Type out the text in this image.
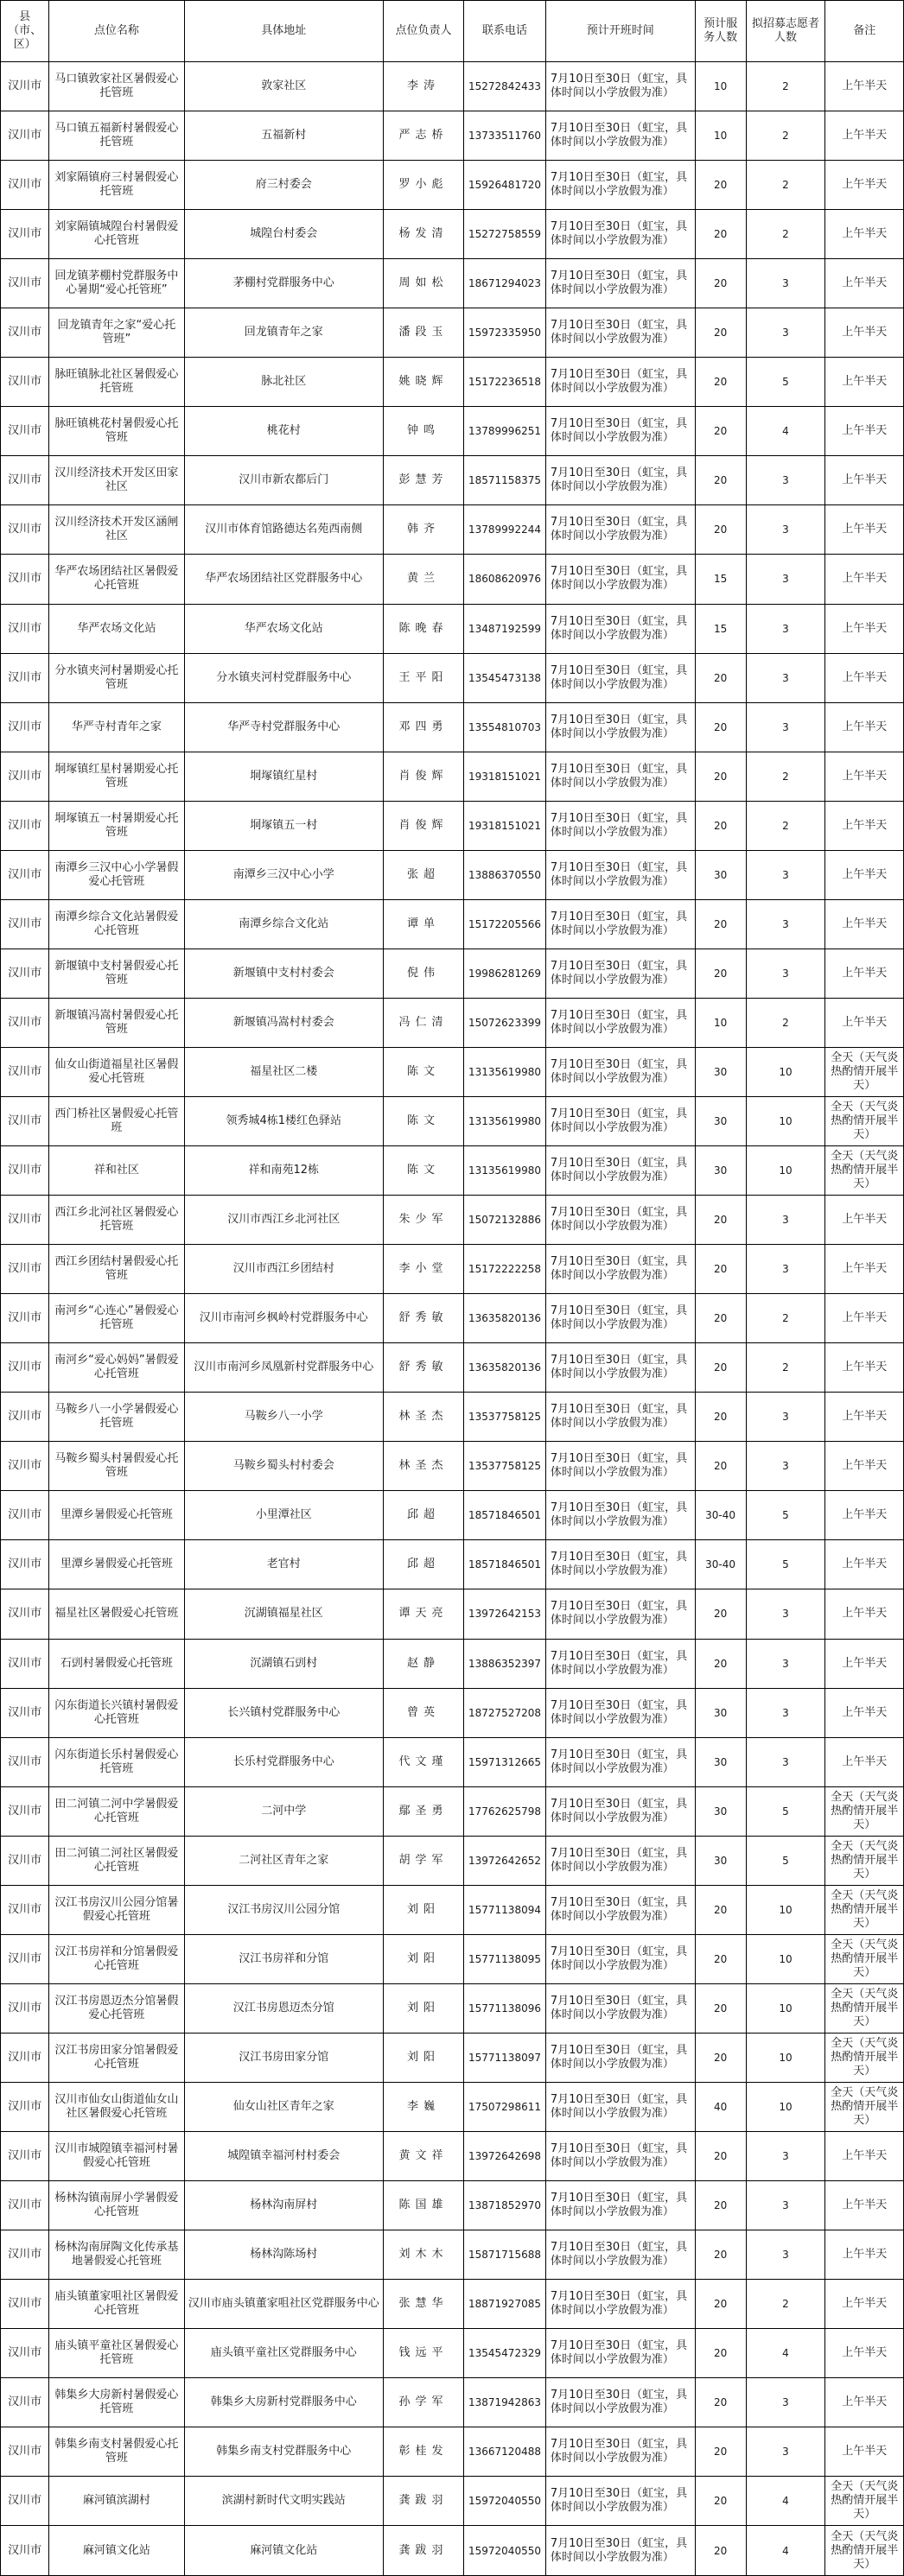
县（市、区）	点位名称	具体地址	点位负责人	联系电话	预计开班时间	预计服务人数	拟招募志愿者人数	备注
汉川市	马口镇敦家社区暑假爱心托管班	敦家社区	李涛	15272842433	7月10日至30日（虹宝，具体时间以小学放假为准）	10	2	上午半天
汉川市	马口镇五福新村暑假爱心托管班	五福新村	严志桥	13733511760	7月10日至30日（虹宝，具体时间以小学放假为准）	10	2	上午半天
汉川市	刘家隔镇府三村暑假爱心托管班	府三村委会	罗小彪	15926481720	7月10日至30日（虹宝，具体时间以小学放假为准）	20	2	上午半天
汉川市	刘家隔镇城隍台村暑假爱心托管班	城隍台村委会	杨发清	15272758559	7月10日至30日（虹宝，具体时间以小学放假为准）	20	2	上午半天
汉川市	回龙镇茅棚村党群服务中心暑期“爱心托管班”	茅棚村党群服务中心	周如松	18671294023	7月10日至30日（虹宝，具体时间以小学放假为准）	20	3	上午半天
汉川市	回龙镇青年之家“爱心托管班”	回龙镇青年之家	潘段玉	15972335950	7月10日至30日（虹宝，具体时间以小学放假为准）	20	3	上午半天
汉川市	脉旺镇脉北社区暑假爱心托管班	脉北社区	姚晓辉	15172236518	7月10日至30日（虹宝，具体时间以小学放假为准）	20	5	上午半天
汉川市	脉旺镇桃花村暑假爱心托管班	桃花村	钟鸣	13789996251	7月10日至30日（虹宝，具体时间以小学放假为准）	20	4	上午半天
汉川市	汉川经济技术开发区田家社区	汉川市新农都后门	彭慧芳	18571158375	7月10日至30日（虹宝，具体时间以小学放假为准）	20	3	上午半天
汉川市	汉川经济技术开发区涵闸社区	汉川市体育馆路德达名苑西南侧	韩齐	13789992244	7月10日至30日（虹宝，具体时间以小学放假为准）	20	3	上午半天
汉川市	华严农场团结社区暑假爱心托管班	华严农场团结社区党群服务中心	黄兰	18608620976	7月10日至30日（虹宝，具体时间以小学放假为准）	15	3	上午半天
汉川市	华严农场文化站	华严农场文化站	陈晚春	13487192599	7月10日至30日（虹宝，具体时间以小学放假为准）	15	3	上午半天
汉川市	分水镇夹河村暑期爱心托管班	分水镇夹河村党群服务中心	王平阳	13545473138	7月10日至30日（虹宝，具体时间以小学放假为准）	20	3	上午半天
汉川市	华严寺村青年之家	华严寺村党群服务中心	邓四勇	13554810703	7月10日至30日（虹宝，具体时间以小学放假为准）	20	3	上午半天
汉川市	垌塚镇红星村暑期爱心托管班	垌塚镇红星村	肖俊辉	19318151021	7月10日至30日（虹宝，具体时间以小学放假为准）	20	2	上午半天
汉川市	垌塚镇五一村暑期爱心托管班	垌塚镇五一村	肖俊辉	19318151021	7月10日至30日（虹宝，具体时间以小学放假为准）	20	2	上午半天
汉川市	南潭乡三汉中心小学暑假爱心托管班	南潭乡三汉中心小学	张超	13886370550	7月10日至30日（虹宝，具体时间以小学放假为准）	30	3	上午半天
汉川市	南潭乡综合文化站暑假爱心托管班	南潭乡综合文化站	谭单	15172205566	7月10日至30日（虹宝，具体时间以小学放假为准）	20	3	上午半天
汉川市	新堰镇中支村暑假爱心托管班	新堰镇中支村村委会	倪伟	19986281269	7月10日至30日（虹宝，具体时间以小学放假为准）	20	3	上午半天
汉川市	新堰镇冯嵩村暑假爱心托管班	新堰镇冯嵩村村委会	冯仁清	15072623399	7月10日至30日（虹宝，具体时间以小学放假为准）	10	2	上午半天
汉川市	仙女山街道福星社区暑假爱心托管班	福星社区二楼	陈文	13135619980	7月10日至30日（虹宝，具体时间以小学放假为准）	30	10	全天（天气炎热酌情开展半天）
汉川市	西门桥社区暑假爱心托管班	领秀城4栋1楼红色驿站	陈文	13135619980	7月10日至30日（虹宝，具体时间以小学放假为准）	30	10	全天（天气炎热酌情开展半天）
汉川市	祥和社区	祥和南苑12栋	陈文	13135619980	7月10日至30日（虹宝，具体时间以小学放假为准）	30	10	全天（天气炎热酌情开展半天）
汉川市	西江乡北河社区暑假爱心托管班	汉川市西江乡北河社区	朱少军	15072132886	7月10日至30日（虹宝，具体时间以小学放假为准）	20	3	上午半天
汉川市	西江乡团结村暑假爱心托管班	汉川市西江乡团结村	李小堂	15172222258	7月10日至30日（虹宝，具体时间以小学放假为准）	20	3	上午半天
汉川市	南河乡“心连心”暑假爱心托管班	汉川市南河乡枫岭村党群服务中心	舒秀敏	13635820136	7月10日至30日（虹宝，具体时间以小学放假为准）	20	2	上午半天
汉川市	南河乡“爱心妈妈”暑假爱心托管班	汉川市南河乡凤凰新村党群服务中心	舒秀敏	13635820136	7月10日至30日（虹宝，具体时间以小学放假为准）	20	2	上午半天
汉川市	马鞍乡八一小学暑假爱心托管班	马鞍乡八一小学	林圣杰	13537758125	7月10日至30日（虹宝，具体时间以小学放假为准）	20	3	上午半天
汉川市	马鞍乡蜀头村暑假爱心托管班	马鞍乡蜀头村村委会	林圣杰	13537758125	7月10日至30日（虹宝，具体时间以小学放假为准）	20	3	上午半天
汉川市	里潭乡暑假爱心托管班	小里潭社区	邱超	18571846501	7月10日至30日（虹宝，具体时间以小学放假为准）	30-40	5	上午半天
汉川市	里潭乡暑假爱心托管班	老官村	邱超	18571846501	7月10日至30日（虹宝，具体时间以小学放假为准）	30-40	5	上午半天
汉川市	福星社区暑假爱心托管班	沉湖镇福星社区	谭天亮	13972642153	7月10日至30日（虹宝，具体时间以小学放假为准）	20	3	上午半天
汉川市	石剅村暑假爱心托管班	沉湖镇石剅村	赵静	13886352397	7月10日至30日（虹宝，具体时间以小学放假为准）	20	3	上午半天
汉川市	闪东街道长兴镇村暑假爱心托管班	长兴镇村党群服务中心	曾英	18727527208	7月10日至30日（虹宝，具体时间以小学放假为准）	30	3	上午半天
汉川市	闪东街道长乐村暑假爱心托管班	长乐村党群服务中心	代文瑾	15971312665	7月10日至30日（虹宝，具体时间以小学放假为准）	30	3	上午半天
汉川市	田二河镇二河中学暑假爱心托管班	二河中学	鄢圣勇	17762625798	7月10日至30日（虹宝，具体时间以小学放假为准）	30	5	全天（天气炎热酌情开展半天）
汉川市	田二河镇二河社区暑假爱心托管班	二河社区青年之家	胡学军	13972642652	7月10日至30日（虹宝，具体时间以小学放假为准）	30	5	全天（天气炎热酌情开展半天）
汉川市	汉江书房汉川公园分馆暑假爱心托管班	汉江书房汉川公园分馆	刘阳	15771138094	7月10日至30日（虹宝，具体时间以小学放假为准）	20	10	全天（天气炎热酌情开展半天）
汉川市	汉江书房祥和分馆暑假爱心托管班	汉江书房祥和分馆	刘阳	15771138095	7月10日至30日（虹宝，具体时间以小学放假为准）	20	10	全天（天气炎热酌情开展半天）
汉川市	汉江书房恩迈杰分馆暑假爱心托管班	汉江书房恩迈杰分馆	刘阳	15771138096	7月10日至30日（虹宝，具体时间以小学放假为准）	20	10	全天（天气炎热酌情开展半天）
汉川市	汉江书房田家分馆暑假爱心托管班	汉江书房田家分馆	刘阳	15771138097	7月10日至30日（虹宝，具体时间以小学放假为准）	20	10	全天（天气炎热酌情开展半天）
汉川市	汉川市仙女山街道仙女山社区暑假爱心托管班	仙女山社区青年之家	李巍	17507298611	7月10日至30日（虹宝，具体时间以小学放假为准）	40	10	全天（天气炎热酌情开展半天）
汉川市	汉川市城隍镇幸福河村暑假爱心托管班	城隍镇幸福河村村委会	黄文祥	13972642698	7月10日至30日（虹宝，具体时间以小学放假为准）	20	3	上午半天
汉川市	杨林沟镇南屏小学暑假爱心托管班	杨林沟南屏村	陈国雄	13871852970	7月10日至30日（虹宝，具体时间以小学放假为准）	20	3	上午半天
汉川市	杨林沟南屏陶文化传承基地暑假爱心托管班	杨林沟陈场村	刘木木	15871715688	7月10日至30日（虹宝，具体时间以小学放假为准）	20	3	上午半天
汉川市	庙头镇董家咀社区暑假爱心托管班	汉川市庙头镇董家咀社区党群服务中心	张慧华	18871927085	7月10日至30日（虹宝，具体时间以小学放假为准）	20	2	上午半天
汉川市	庙头镇平童社区暑假爱心托管班	庙头镇平童社区党群服务中心	钱远平	13545472329	7月10日至30日（虹宝，具体时间以小学放假为准）	20	4	上午半天
汉川市	韩集乡大房新村暑假爱心托管班	韩集乡大房新村党群服务中心	孙学军	13871942863	7月10日至30日（虹宝，具体时间以小学放假为准）	20	3	上午半天
汉川市	韩集乡南支村暑假爱心托管班	韩集乡南支村党群服务中心	彰桂发	13667120488	7月10日至30日（虹宝，具体时间以小学放假为准）	20	3	上午半天
汉川市	麻河镇滨湖村	滨湖村新时代文明实践站	龚跋羽	15972040550	7月10日至30日（虹宝，具体时间以小学放假为准）	20	4	全天（天气炎热酌情开展半天）
汉川市	麻河镇文化站	麻河镇文化站	龚跋羽	15972040550	7月10日至30日（虹宝，具体时间以小学放假为准）	20	4	全天（天气炎热酌情开展半天）
